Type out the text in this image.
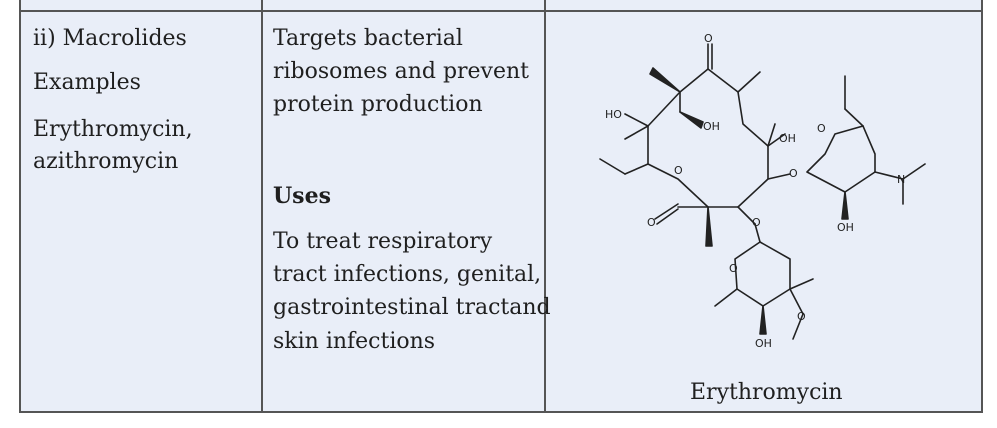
ii) Macrolides
Examples
Erythromycin,
azithromycin
Targets bacterial
ribosomes and prevent
protein production
Uses
To treat respiratory
tract infections, genital,
gastrointestinal tractand
skin infections
O
HO
OH
OH
O
O
O
O
O
OH
N
O
OH
O
Erythromycin
